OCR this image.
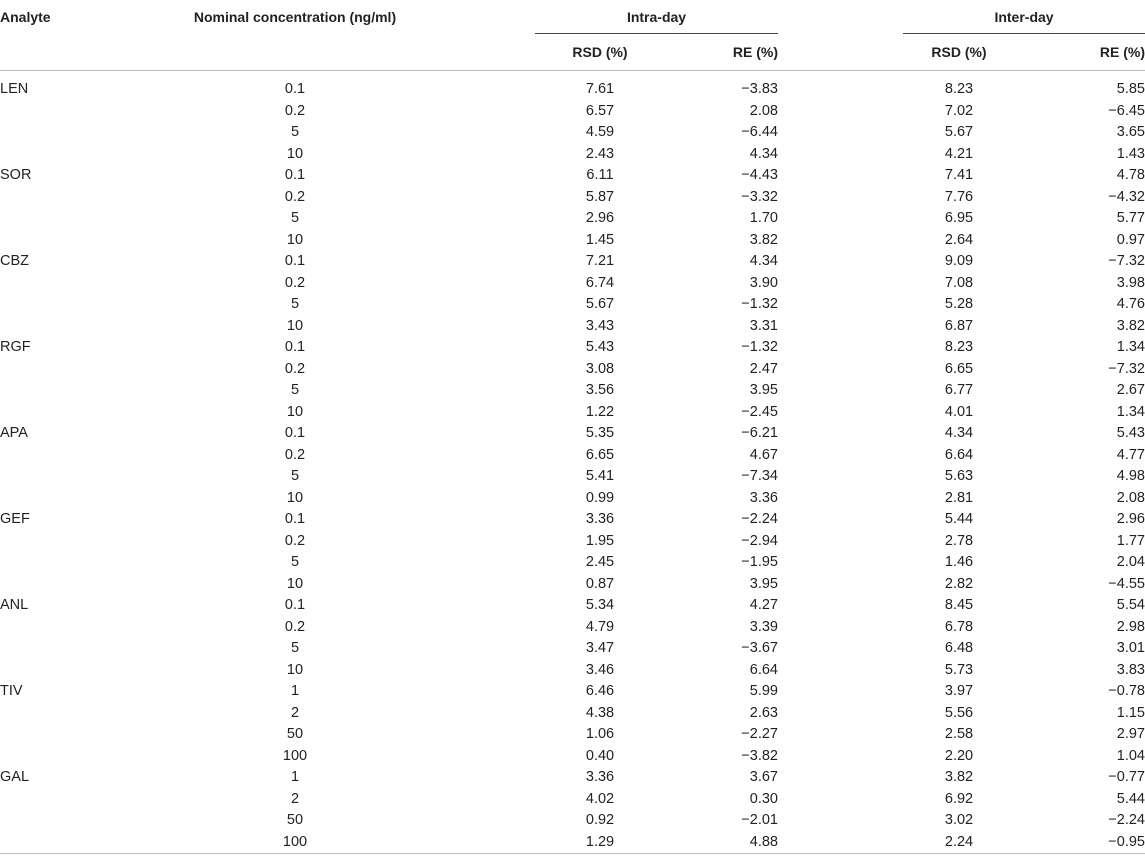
Analyte	Nominal concentration (ng/ml)		Intra-day			Inter-day	

			RSD (%)	RE (%)		RSD (%)	RE (%)
LEN	0.1		7.61	−3.83		8.23	5.85
	0.2		6.57	2.08		7.02	−6.45
	5		4.59	−6.44		5.67	3.65
	10		2.43	4.34		4.21	1.43
SOR	0.1		6.11	−4.43		7.41	4.78
	0.2		5.87	−3.32		7.76	−4.32
	5		2.96	1.70		6.95	5.77
	10		1.45	3.82		2.64	0.97
CBZ	0.1		7.21	4.34		9.09	−7.32
	0.2		6.74	3.90		7.08	3.98
	5		5.67	−1.32		5.28	4.76
	10		3.43	3.31		6.87	3.82
RGF	0.1		5.43	−1.32		8.23	1.34
	0.2		3.08	2.47		6.65	−7.32
	5		3.56	3.95		6.77	2.67
	10		1.22	−2.45		4.01	1.34
APA	0.1		5.35	−6.21		4.34	5.43
	0.2		6.65	4.67		6.64	4.77
	5		5.41	−7.34		5.63	4.98
	10		0.99	3.36		2.81	2.08
GEF	0.1		3.36	−2.24		5.44	2.96
	0.2		1.95	−2.94		2.78	1.77
	5		2.45	−1.95		1.46	2.04
	10		0.87	3.95		2.82	−4.55
ANL	0.1		5.34	4.27		8.45	5.54
	0.2		4.79	3.39		6.78	2.98
	5		3.47	−3.67		6.48	3.01
	10		3.46	6.64		5.73	3.83
TIV	1		6.46	5.99		3.97	−0.78
	2		4.38	2.63		5.56	1.15
	50		1.06	−2.27		2.58	2.97
	100		0.40	−3.82		2.20	1.04
GAL	1		3.36	3.67		3.82	−0.77
	2		4.02	0.30		6.92	5.44
	50		0.92	−2.01		3.02	−2.24
	100		1.29	4.88		2.24	−0.95
